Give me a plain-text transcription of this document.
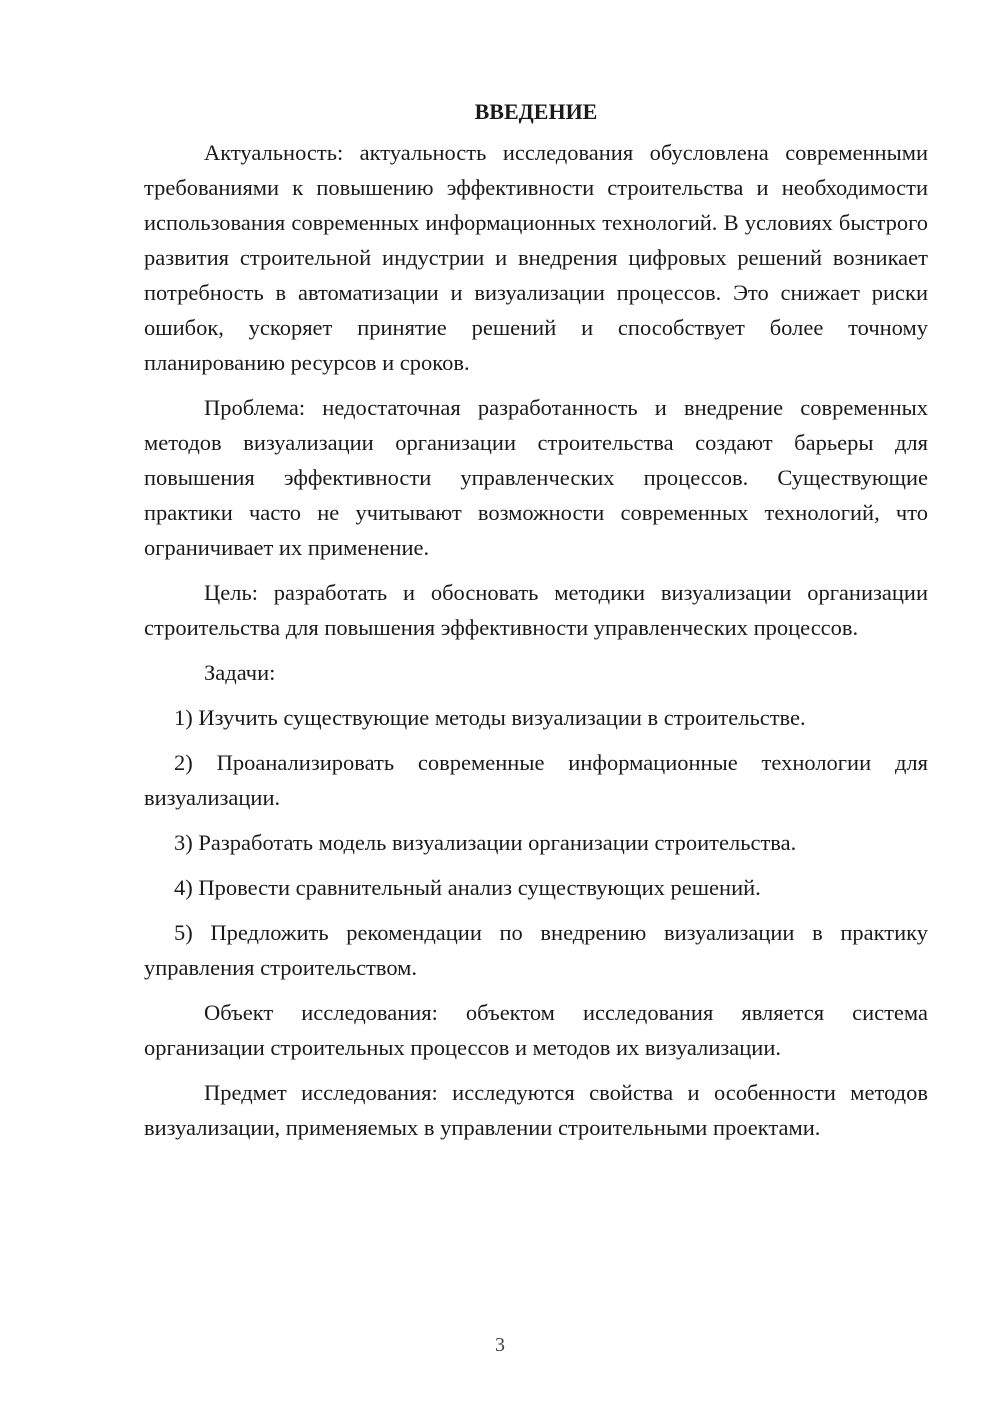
ВВЕДЕНИЕ

Актуальность: актуальность исследования обусловлена современными требованиями к повышению эффективности строительства и необходимости использования современных информационных технологий. В условиях быстрого развития строительной индустрии и внедрения цифровых решений возникает потребность в автоматизации и визуализации процессов. Это снижает риски ошибок, ускоряет принятие решений и способствует более точному планированию ресурсов и сроков.

Проблема: недостаточная разработанность и внедрение современных методов визуализации организации строительства создают барьеры для повышения эффективности управленческих процессов. Существующие практики часто не учитывают возможности современных технологий, что ограничивает их применение.

Цель: разработать и обосновать методики визуализации организации строительства для повышения эффективности управленческих процессов.

Задачи:

1) Изучить существующие методы визуализации в строительстве.

2) Проанализировать современные информационные технологии для визуализации.

3) Разработать модель визуализации организации строительства.

4) Провести сравнительный анализ существующих решений.

5) Предложить рекомендации по внедрению визуализации в практику управления строительством.

Объект исследования: объектом исследования является система организации строительных процессов и методов их визуализации.

Предмет исследования: исследуются свойства и особенности методов визуализации, применяемых в управлении строительными проектами.

3
